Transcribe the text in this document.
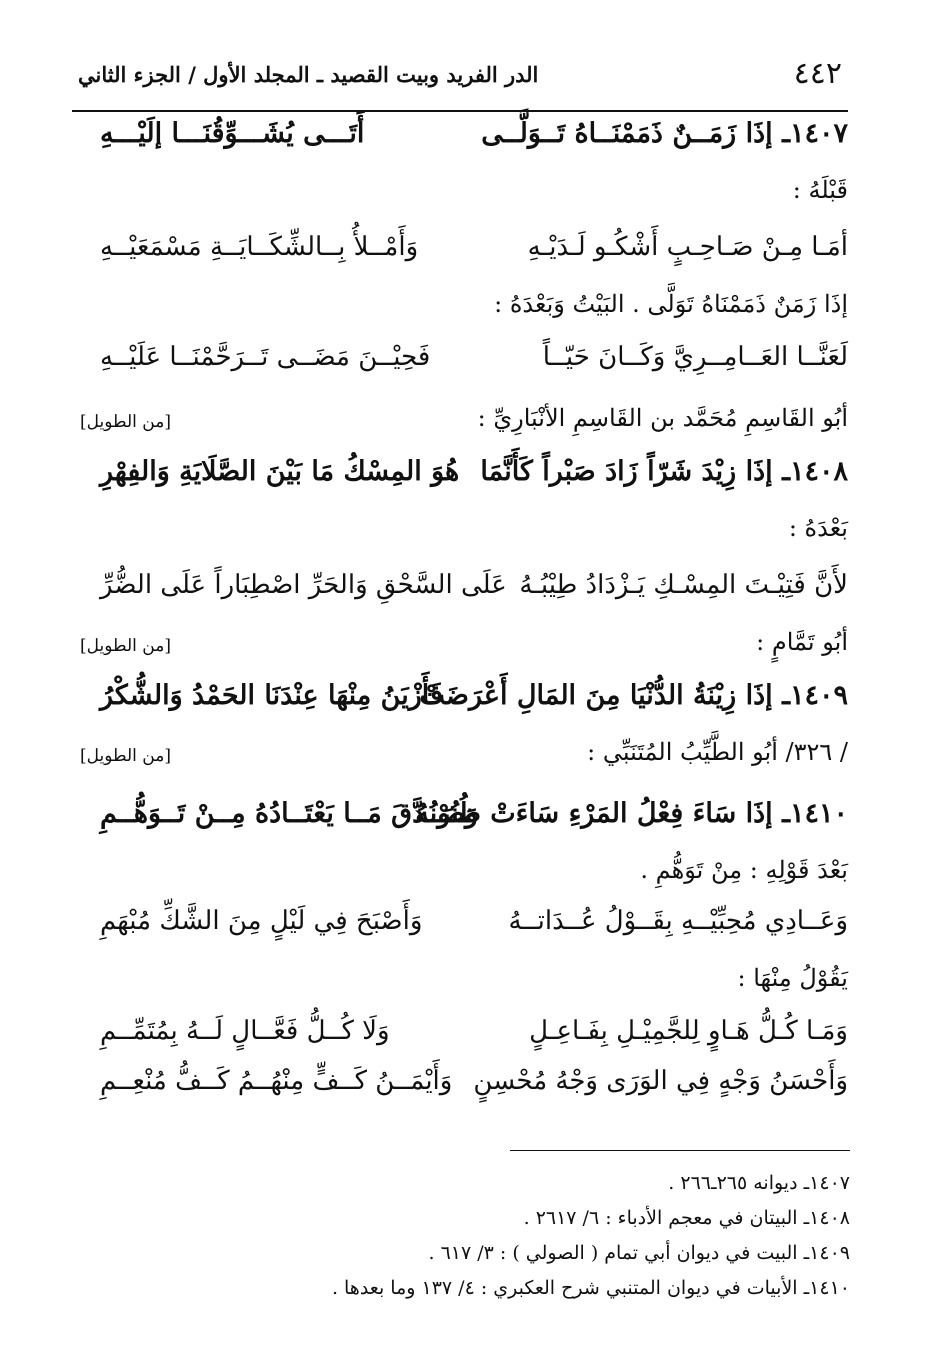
٤٤٢
الدر الفريد وبيت القصيد ـ المجلد الأول / الجزء الثاني
١٤٠٧ـ إذَا زَمَــنٌ ذَمَمْنَــاهُ تَــوَلَّــى
أَتَـــى يُشَـــوِّقُنَـــا إلَيْـــهِ
قَبْلَهُ :
أمَـا مِـنْ صَـاحِـبٍ أَشْكُـو لَـدَيْـهِ
وَأَمْــلأُ بِــالشِّكَــايَــةِ مَسْمَعَيْــهِ
إذَا زَمَنٌ ذَمَمْنَاهُ تَوَلَّى . البَيْتُ وَبَعْدَهُ :
لَعَنَّــا العَــامِــرِيَّ وَكَــانَ حَيّــاً
فَحِيْــنَ مَضَــى تَــرَحَّمْنَــا عَلَيْــهِ
أبُو القَاسِمِ مُحَمَّد بن القَاسِمِ الأنْبَارِيِّ :
[من الطويل]
١٤٠٨ـ إذَا زِيْدَ شَرّاً زَادَ صَبْراً كَأَنَّمَا
هُوَ المِسْكُ مَا بَيْنَ الصَّلَايَةِ وَالفِهْرِ
بَعْدَهُ :
لأَنَّ فَتِيْـتَ المِسْـكِ يَـزْدَادُ طِيْبُـهُ
عَلَى السَّحْقِ وَالحَرِّ اصْطِبَاراً عَلَى الضُّرِّ
أبُو تَمَّامٍ :
[من الطويل]
١٤٠٩ـ إذَا زِيْنَةُ الدُّنْيَا مِنَ المَالِ أَعْرَضَتْ
فَأَزْيَنُ مِنْهَا عِنْدَنَا الحَمْدُ وَالشُّكْرُ
/ ٣٢٦/ أبُو الطَّيِّبُ المُتَنَبِّي :
[من الطويل]
١٤١٠ـ إذَا سَاءَ فِعْلُ المَرْءِ سَاءَتْ ظُنُوْنُهُ
وَصَــدَّقَ مَــا يَعْتَــادُهُ مِــنْ تَــوَهُّــمِ
بَعْدَ قَوْلِهِ : مِنْ تَوَهُّمِ .
وَعَــادِي مُحِبِّيْــهِ بِقَــوْلُ عُــدَاتــهُ
وَأَصْبَحَ فِي لَيْلٍ مِنَ الشَّكِّ مُبْهَمِ
يَقُوْلُ مِنْهَا :
وَمَـا كُـلُّ هَـاوٍ لِلجَّمِيْـلِ بِفَـاعِـلٍ
وَلَا كُــلُّ فَعَّــالٍ لَــهُ بِمُتَمِّــمِ
وَأَحْسَنُ وَجْهٍ فِي الوَرَى وَجْهُ مُحْسِنٍ
وَأَيْمَــنُ كَــفٍّ مِنْهُــمُ كَــفُّ مُنْعِــمِ
١٤٠٧ـ ديوانه ٢٦٥ـ٢٦٦ .
١٤٠٨ـ البيتان في معجم الأدباء : ٦/ ٢٦١٧ .
١٤٠٩ـ البيت في ديوان أبي تمام ( الصولي ) : ٣/ ٦١٧ .
١٤١٠ـ الأبيات في ديوان المتنبي شرح العكبري : ٤/ ١٣٧ وما بعدها .
